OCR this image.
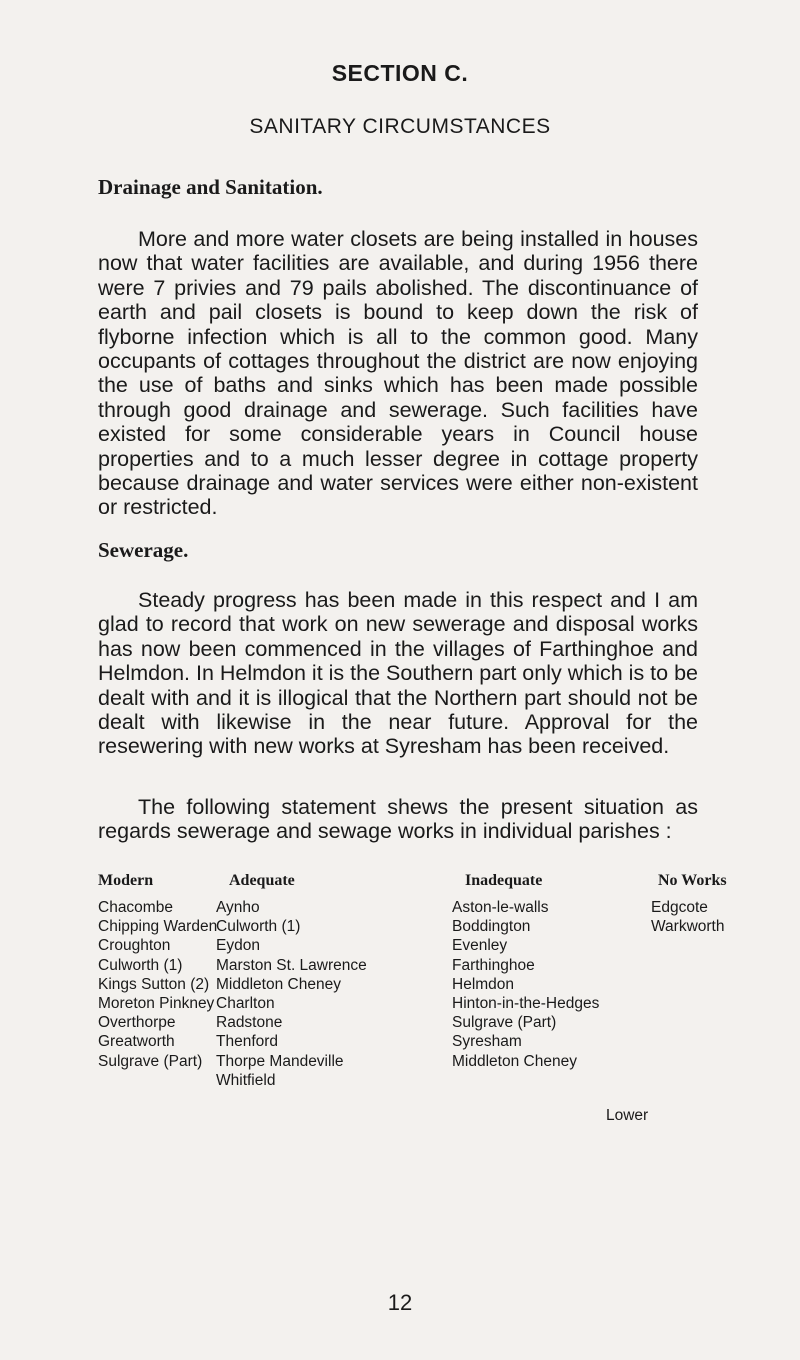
SECTION C.
SANITARY CIRCUMSTANCES
Drainage and Sanitation.

More and more water closets are being installed in houses now that water facilities are available, and during 1956 there were 7 privies and 79 pails abolished. The discontinuance of earth and pail closets is bound to keep down the risk of flyborne infection which is all to the common good. Many occupants of cottages throughout the district are now enjoying the use of baths and sinks which has been made possible through good drainage and sewerage. Such facilities have existed for some considerable years in Council house properties and to a much lesser degree in cottage property because drainage and water services were either non-existent or restricted.

Sewerage.

Steady progress has been made in this respect and I am glad to record that work on new sewerage and disposal works has now been commenced in the villages of Farthinghoe and Helmdon. In Helmdon it is the Southern part only which is to be dealt with and it is illogical that the Northern part should not be dealt with likewise in the near future. Approval for the resewering with new works at Syresham has been received.

The following statement shews the present situation as regards sewerage and sewage works in individual parishes :

Modern
Chacombe
Chipping Warden
Croughton
Culworth (1)
Kings Sutton (2)
Moreton Pinkney
Overthorpe
Greatworth
Sulgrave (Part)
Adequate
Aynho
Culworth (1)
Eydon
Marston St. Lawrence
Middleton Cheney
Charlton
Radstone
Thenford
Thorpe Mandeville
Whitfield
Inadequate
Aston-le-walls
Boddington
Evenley
Farthinghoe
Helmdon
Hinton-in-the-Hedges
Sulgrave (Part)
Syresham
Middleton Cheney
No Works
Edgcote
Warkworth
Lower
12
